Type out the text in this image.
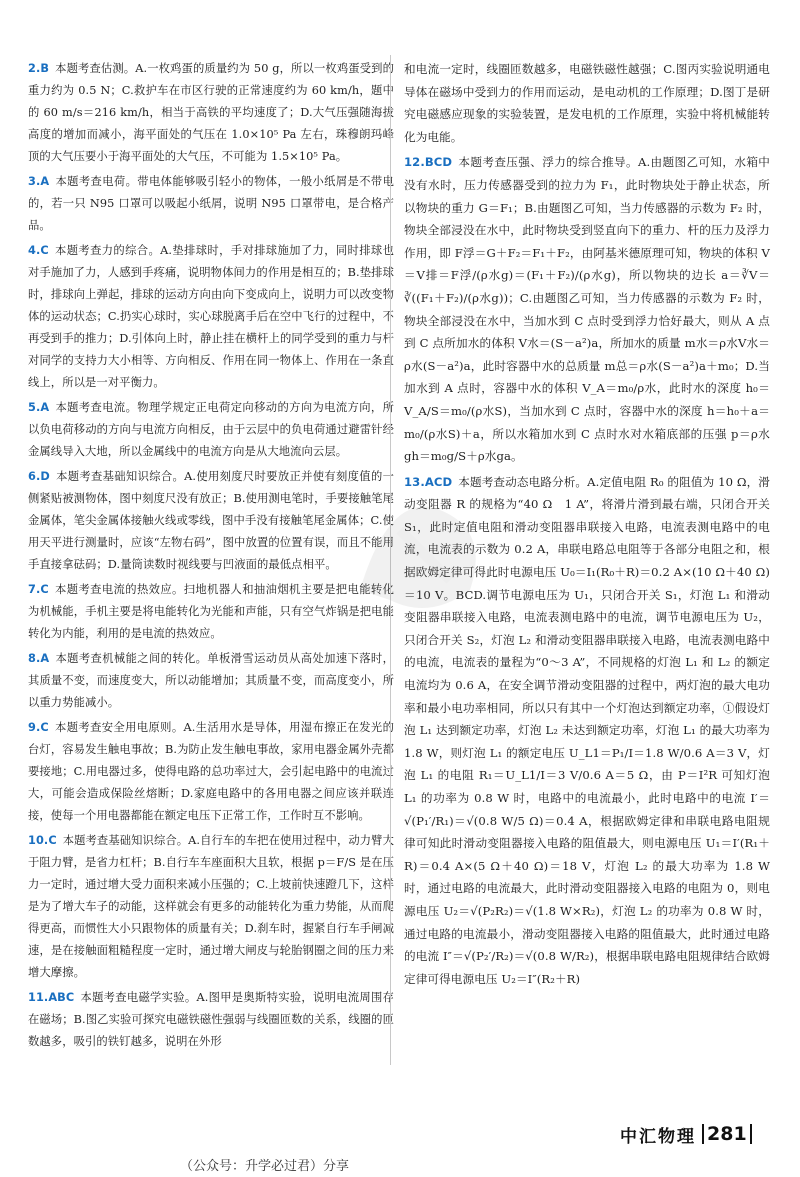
2.B 本题考查估测。A.一枚鸡蛋的质量约为 50 g，所以一枚鸡蛋受到的重力约为 0.5 N；C.救护车在市区行驶的正常速度约为 60 km/h，题中的 60 m/s＝216 km/h，相当于高铁的平均速度了；D.大气压强随海拔高度的增加而减小，海平面处的气压在 1.0×10⁵ Pa 左右，珠穆朗玛峰顶的大气压要小于海平面处的大气压，不可能为 1.5×10⁵ Pa。

3.A 本题考查电荷。带电体能够吸引轻小的物体，一般小纸屑是不带电的，若一只 N95 口罩可以吸起小纸屑，说明 N95 口罩带电，是合格产品。

4.C 本题考查力的综合。A.垫排球时，手对排球施加了力，同时排球也对手施加了力，人感到手疼痛，说明物体间力的作用是相互的；B.垫排球时，排球向上弹起，排球的运动方向由向下变成向上，说明力可以改变物体的运动状态；C.扔实心球时，实心球脱离手后在空中飞行的过程中，不再受到手的推力；D.引体向上时，静止挂在横杆上的同学受到的重力与杆对同学的支持力大小相等、方向相反、作用在同一物体上、作用在一条直线上，所以是一对平衡力。

5.A 本题考查电流。物理学规定正电荷定向移动的方向为电流方向，所以负电荷移动的方向与电流方向相反，由于云层中的负电荷通过避雷针经金属线导入大地，所以金属线中的电流方向是从大地流向云层。

6.D 本题考查基础知识综合。A.使用刻度尺时要放正并使有刻度值的一侧紧贴被测物体，图中刻度尺没有放正；B.使用测电笔时，手要接触笔尾金属体，笔尖金属体接触火线或零线，图中手没有接触笔尾金属体；C.使用天平进行测量时，应该“左物右码”，图中放置的位置有误，而且不能用手直接拿砝码；D.量筒读数时视线要与凹液面的最低点相平。

7.C 本题考查电流的热效应。扫地机器人和抽油烟机主要是把电能转化为机械能，手机主要是将电能转化为光能和声能，只有空气炸锅是把电能转化为内能，利用的是电流的热效应。

8.A 本题考查机械能之间的转化。单板滑雪运动员从高处加速下落时，其质量不变，而速度变大，所以动能增加；其质量不变，而高度变小，所以重力势能减小。

9.C 本题考查安全用电原则。A.生活用水是导体，用湿布擦正在发光的台灯，容易发生触电事故；B.为防止发生触电事故，家用电器金属外壳都要接地；C.用电器过多，使得电路的总功率过大，会引起电路中的电流过大，可能会造成保险丝熔断；D.家庭电路中的各用电器之间应该并联连接，使每一个用电器都能在额定电压下正常工作，工作时互不影响。

10.C 本题考查基础知识综合。A.自行车的车把在使用过程中，动力臂大于阻力臂，是省力杠杆；B.自行车车座面积大且软，根据 p＝F/S 是在压力一定时，通过增大受力面积来减小压强的；C.上坡前快速蹬几下，这样是为了增大车子的动能，这样就会有更多的动能转化为重力势能，从而爬得更高，而惯性大小只跟物体的质量有关；D.刹车时，握紧自行车手闸减速，是在接触面粗糙程度一定时，通过增大闸皮与轮胎钢圈之间的压力来增大摩擦。

11.ABC 本题考查电磁学实验。A.图甲是奥斯特实验，说明电流周围存在磁场；B.图乙实验可探究电磁铁磁性强弱与线圈匝数的关系，线圈的匝数越多，吸引的铁钉越多，说明在外形

和电流一定时，线圈匝数越多，电磁铁磁性越强；C.图丙实验说明通电导体在磁场中受到力的作用而运动，是电动机的工作原理；D.图丁是研究电磁感应现象的实验装置，是发电机的工作原理，实验中将机械能转化为电能。

12.BCD 本题考查压强、浮力的综合推导。A.由题图乙可知，水箱中没有水时，压力传感器受到的拉力为 F₁，此时物块处于静止状态，所以物块的重力 G＝F₁；B.由题图乙可知，当力传感器的示数为 F₂ 时，物块全部浸没在水中，此时物块受到竖直向下的重力、杆的压力及浮力作用，即 F浮＝G＋F₂＝F₁＋F₂，由阿基米德原理可知，物块的体积 V＝V排＝F浮/(ρ水g)＝(F₁＋F₂)/(ρ水g)，所以物块的边长 a＝∛V＝∛((F₁＋F₂)/(ρ水g))；C.由题图乙可知，当力传感器的示数为 F₂ 时，物块全部浸没在水中，当加水到 C 点时受到浮力恰好最大，则从 A 点到 C 点所加水的体积 V水＝(S－a²)a，所加水的质量 m水＝ρ水V水＝ρ水(S－a²)a，此时容器中水的总质量 m总＝ρ水(S－a²)a＋m₀；D.当加水到 A 点时，容器中水的体积 V_A＝m₀/ρ水，此时水的深度 h₀＝V_A/S＝m₀/(ρ水S)，当加水到 C 点时，容器中水的深度 h＝h₀＋a＝m₀/(ρ水S)＋a，所以水箱加水到 C 点时水对水箱底部的压强 p＝ρ水gh＝m₀g/S＋ρ水ga。

13.ACD 本题考查动态电路分析。A.定值电阻 R₀ 的阻值为 10 Ω，滑动变阻器 R 的规格为“40 Ω　1 A”，将滑片滑到最右端，只闭合开关 S₁，此时定值电阻和滑动变阻器串联接入电路，电流表测电路中的电流，电流表的示数为 0.2 A，串联电路总电阻等于各部分电阻之和，根据欧姆定律可得此时电源电压 U₀＝I₁(R₀＋R)＝0.2 A×(10 Ω＋40 Ω)＝10 V。BCD.调节电源电压为 U₁，只闭合开关 S₁，灯泡 L₁ 和滑动变阻器串联接入电路，电流表测电路中的电流，调节电源电压为 U₂，只闭合开关 S₂，灯泡 L₂ 和滑动变阻器串联接入电路，电流表测电路中的电流，电流表的量程为“0～3 A”，不同规格的灯泡 L₁ 和 L₂ 的额定电流均为 0.6 A，在安全调节滑动变阻器的过程中，两灯泡的最大电功率和最小电功率相同，所以只有其中一个灯泡达到额定功率，①假设灯泡 L₁ 达到额定功率，灯泡 L₂ 未达到额定功率，灯泡 L₁ 的最大功率为 1.8 W，则灯泡 L₁ 的额定电压 U_L1＝P₁/I＝1.8 W/0.6 A＝3 V，灯泡 L₁ 的电阻 R₁＝U_L1/I＝3 V/0.6 A＝5 Ω，由 P＝I²R 可知灯泡 L₁ 的功率为 0.8 W 时，电路中的电流最小，此时电路中的电流 I′＝√(P₁′/R₁)＝√(0.8 W/5 Ω)＝0.4 A，根据欧姆定律和串联电路电阻规律可知此时滑动变阻器接入电路的阻值最大，则电源电压 U₁＝I′(R₁＋R)＝0.4 A×(5 Ω＋40 Ω)＝18 V，灯泡 L₂ 的最大功率为 1.8 W 时，通过电路的电流最大，此时滑动变阻器接入电路的电阻为 0，则电源电压 U₂＝√(P₂R₂)＝√(1.8 W×R₂)，灯泡 L₂ 的功率为 0.8 W 时，通过电路的电流最小，滑动变阻器接入电路的阻值最大，此时通过电路的电流 I″＝√(P₂′/R₂)＝√(0.8 W/R₂)，根据串联电路电阻规律结合欧姆定律可得电源电压 U₂＝I″(R₂＋R)

中汇物理 281
（公众号：升学必过君）分享
